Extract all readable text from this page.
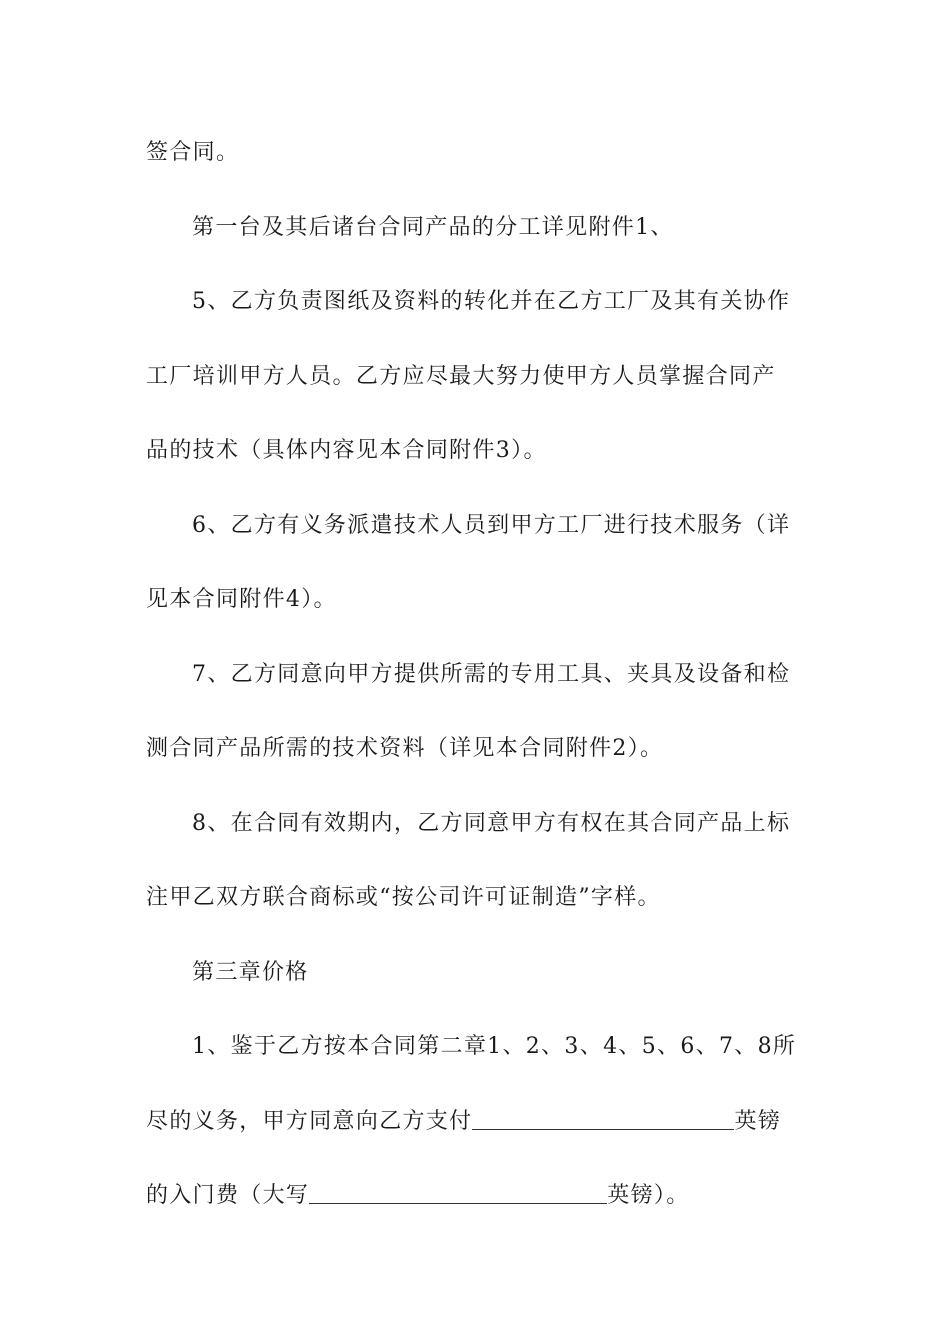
签合同。
第一台及其后诸台合同产品的分工详见附件1、
5、乙方负责图纸及资料的转化并在乙方工厂及其有关协作
工厂培训甲方人员。乙方应尽最大努力使甲方人员掌握合同产
品的技术（具体内容见本合同附件3）。
6、乙方有义务派遣技术人员到甲方工厂进行技术服务（详
见本合同附件4）。
7、乙方同意向甲方提供所需的专用工具、夹具及设备和检
测合同产品所需的技术资料（详见本合同附件2）。
8、在合同有效期内，乙方同意甲方有权在其合同产品上标
注甲乙双方联合商标或“按公司许可证制造”字样。
第三章价格
1、鉴于乙方按本合同第二章1、2、3、4、5、6、7、8所
尽的义务，甲方同意向乙方支付	英镑
的入门费（大写	英镑）。
